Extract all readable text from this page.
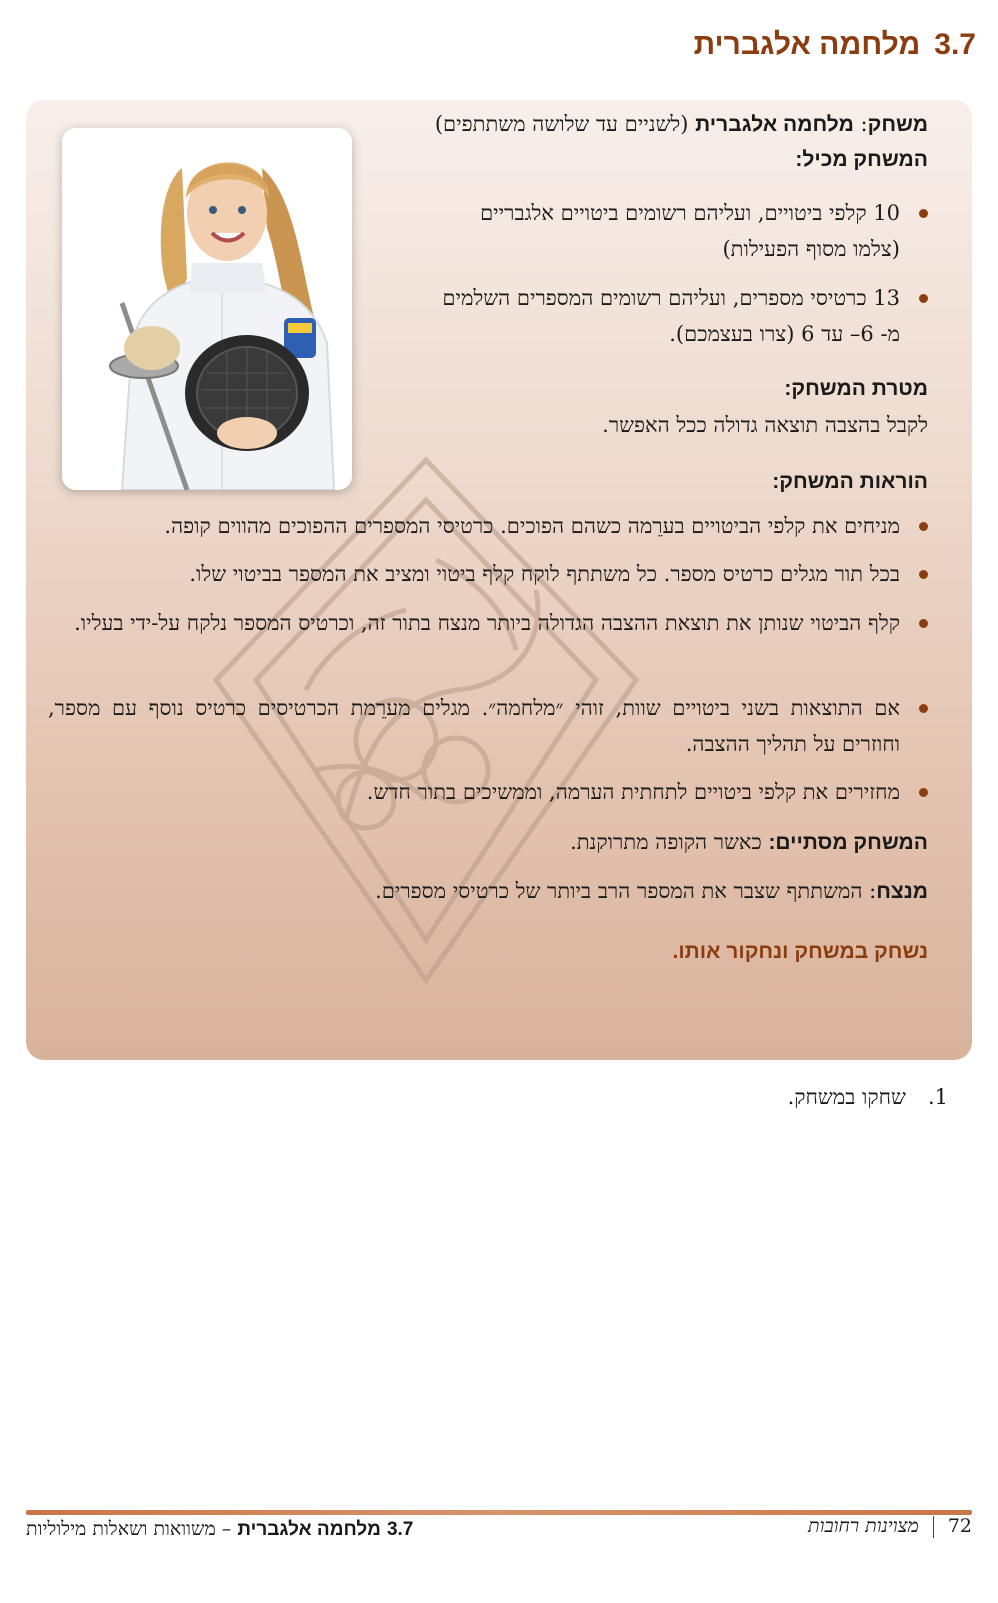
3.7מלחמה אלגברית
משחק: מלחמה אלגברית (לשניים עד שלושה משתתפים)
המשחק מכיל:
10 קלפי ביטויים, ועליהם רשומים ביטויים אלגבריים
(צלמו מסוף הפעילות)
13 כרטיסי מספרים, ועליהם רשומים המספרים השלמים
מ- 6– עד 6 (צרו בעצמכם).
מטרת המשחק:
לקבל בהצבה תוצאה גדולה ככל האפשר.
הוראות המשחק:
מניחים את קלפי הביטויים בערֵמה כשהם הפוכים. כרטיסי המספרים ההפוכים מהווים קופה.
בכל תור מגלים כרטיס מספר. כל משתתף לוקח קלף ביטוי ומציב את המספר בביטוי שלו.
קלף הביטוי שנותן את תוצאת ההצבה הגדולה ביותר מנצח בתור זה, וכרטיס המספר נלקח על-ידי בעליו.
אם התוצאות בשני ביטויים שוות, זוהי ״מלחמה״. מגלים מערֵמת הכרטיסים כרטיס נוסף עם מספר, וחוזרים על תהליך ההצבה.
מחזירים את קלפי ביטויים לתחתית הערמה, וממשיכים בתור חדש.
המשחק מסתיים: כאשר הקופה מתרוקנת.
מנצח: המשתתף שצבר את המספר הרב ביותר של כרטיסי מספרים.
נשחק במשחק ונחקור אותו.
1.שחקו במשחק.
72מצוינות רחובות
3.7 מלחמה אלגברית – משוואות ושאלות מילוליות
